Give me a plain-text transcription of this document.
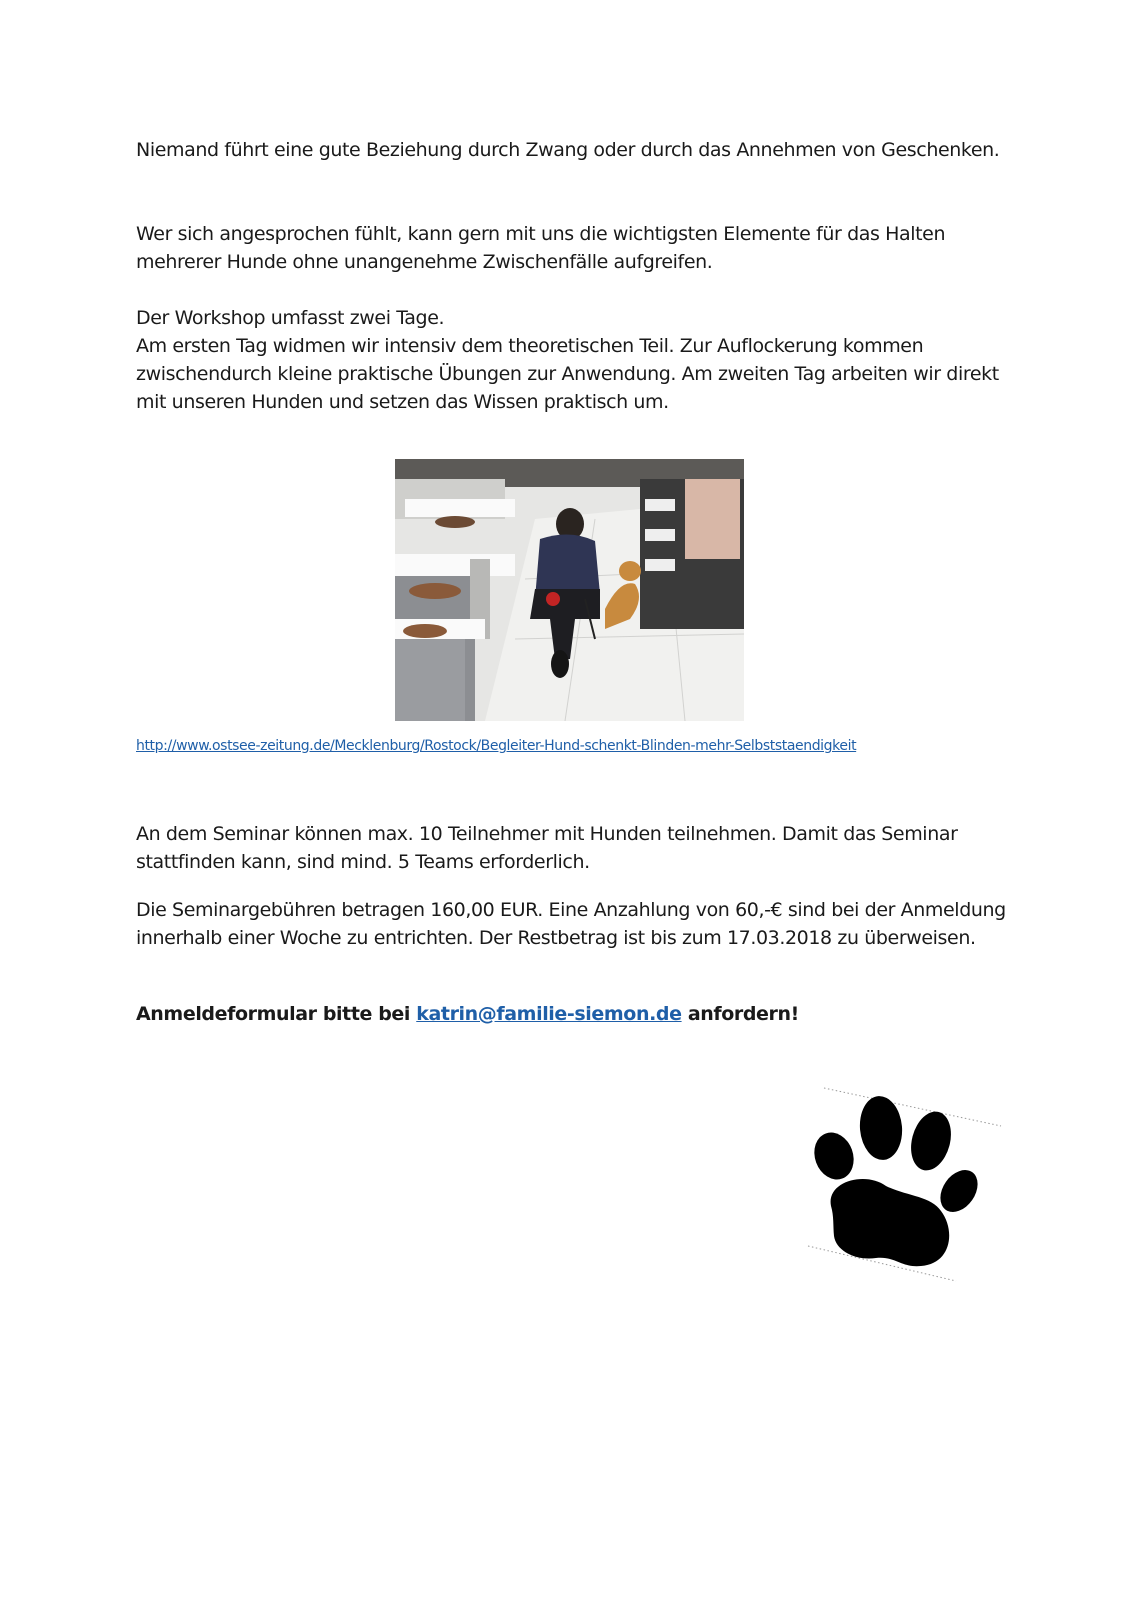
Niemand führt eine gute Beziehung durch Zwang oder durch das Annehmen von Geschenken.

Wer sich angesprochen fühlt, kann gern mit uns die wichtigsten Elemente für das Halten mehrerer Hunde ohne unangenehme Zwischenfälle aufgreifen.

Der Workshop umfasst zwei Tage.
Am ersten Tag widmen wir intensiv dem theoretischen Teil. Zur Auflockerung kommen zwischendurch kleine praktische Übungen zur Anwendung. Am zweiten Tag arbeiten wir direkt mit unseren Hunden und setzen das Wissen praktisch um.
http://www.ostsee-zeitung.de/Mecklenburg/Rostock/Begleiter-Hund-schenkt-Blinden-mehr-Selbststaendigkeit

An dem Seminar können max. 10 Teilnehmer mit Hunden teilnehmen. Damit das Seminar stattfinden kann, sind mind. 5 Teams erforderlich.

Die Seminargebühren betragen 160,00 EUR. Eine Anzahlung von 60,-€ sind bei der Anmeldung innerhalb einer Woche zu entrichten. Der Restbetrag ist bis zum 17.03.2018 zu überweisen.

Anmeldeformular bitte bei katrin@familie-siemon.de anfordern!
